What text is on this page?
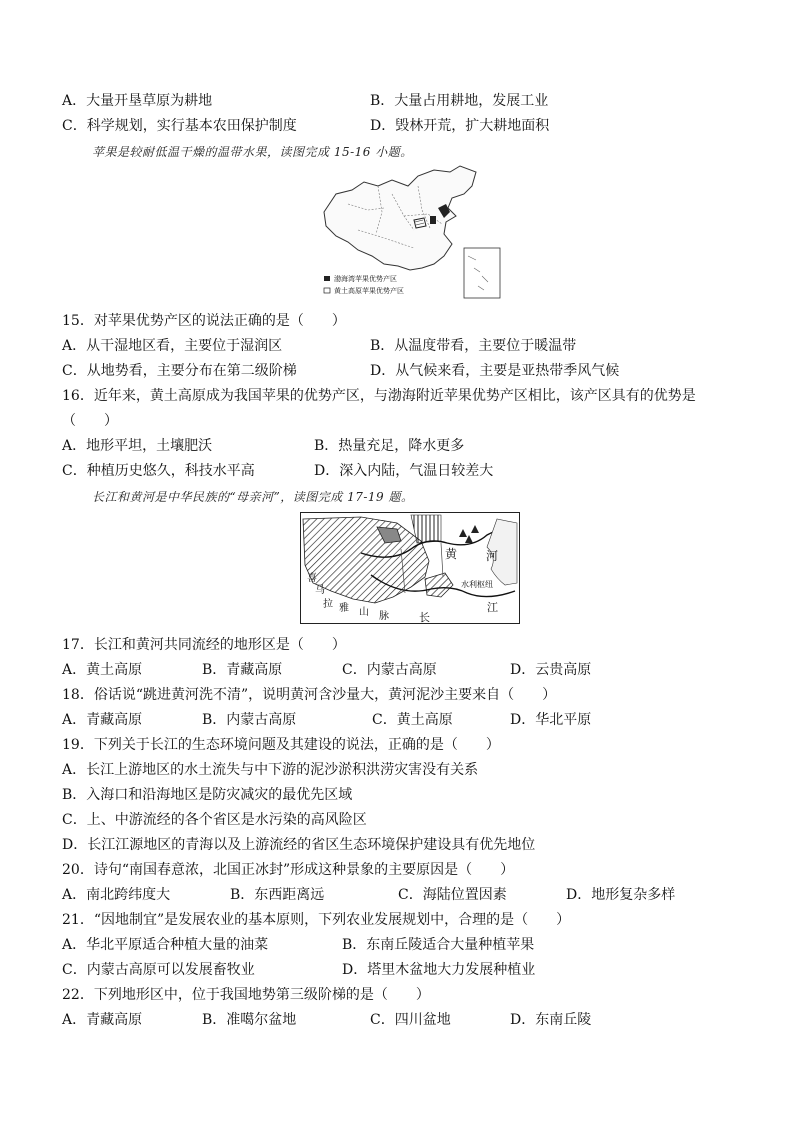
A．大量开垦草原为耕地	B．大量占用耕地，发展工业
C．科学规划，实行基本农田保护制度	D．毁林开荒，扩大耕地面积
苹果是较耐低温干燥的温带水果，读图完成 15-16 小题。
渤海湾苹果优势产区
黄土高原苹果优势产区
15．对苹果优势产区的说法正确的是（　　）
A．从干湿地区看，主要位于湿润区	B．从温度带看，主要位于暖温带
C．从地势看，主要分布在第二级阶梯	D．从气候来看，主要是亚热带季风气候
16．近年来，黄土高原成为我国苹果的优势产区，与渤海附近苹果优势产区相比，该产区具有的优势是
（　　）
A．地形平坦，土壤肥沃	B．热量充足，降水更多
C．种植历史悠久，科技水平高	D．深入内陆，气温日较差大
长江和黄河是中华民族的“母亲河”，读图完成 17-19 题。
黄 河
水利枢纽
江
长
喜
马
拉 雅 山 脉
17．长江和黄河共同流经的地形区是（　　）
A．黄土高原	B．青藏高原	C．内蒙古高原	D．云贵高原
18．俗话说“跳进黄河洗不清”，说明黄河含沙量大，黄河泥沙主要来自（　　）
A．青藏高原	B．内蒙古高原	C．黄土高原	D．华北平原
19．下列关于长江的生态环境问题及其建设的说法，正确的是（　　）
A．长江上游地区的水土流失与中下游的泥沙淤积洪涝灾害没有关系
B．入海口和沿海地区是防灾减灾的最优先区域
C．上、中游流经的各个省区是水污染的高风险区
D．长江江源地区的青海以及上游流经的省区生态环境保护建设具有优先地位
20．诗句“南国春意浓，北国正冰封”形成这种景象的主要原因是（　　）
A．南北跨纬度大	B．东西距离远	C．海陆位置因素	D．地形复杂多样
21．“因地制宜”是发展农业的基本原则，下列农业发展规划中，合理的是（　　）
A．华北平原适合种植大量的油菜	B．东南丘陵适合大量种植苹果
C．内蒙古高原可以发展畜牧业	D．塔里木盆地大力发展种植业
22．下列地形区中，位于我国地势第三级阶梯的是（　　）
A．青藏高原	B．准噶尔盆地	C．四川盆地	D．东南丘陵
